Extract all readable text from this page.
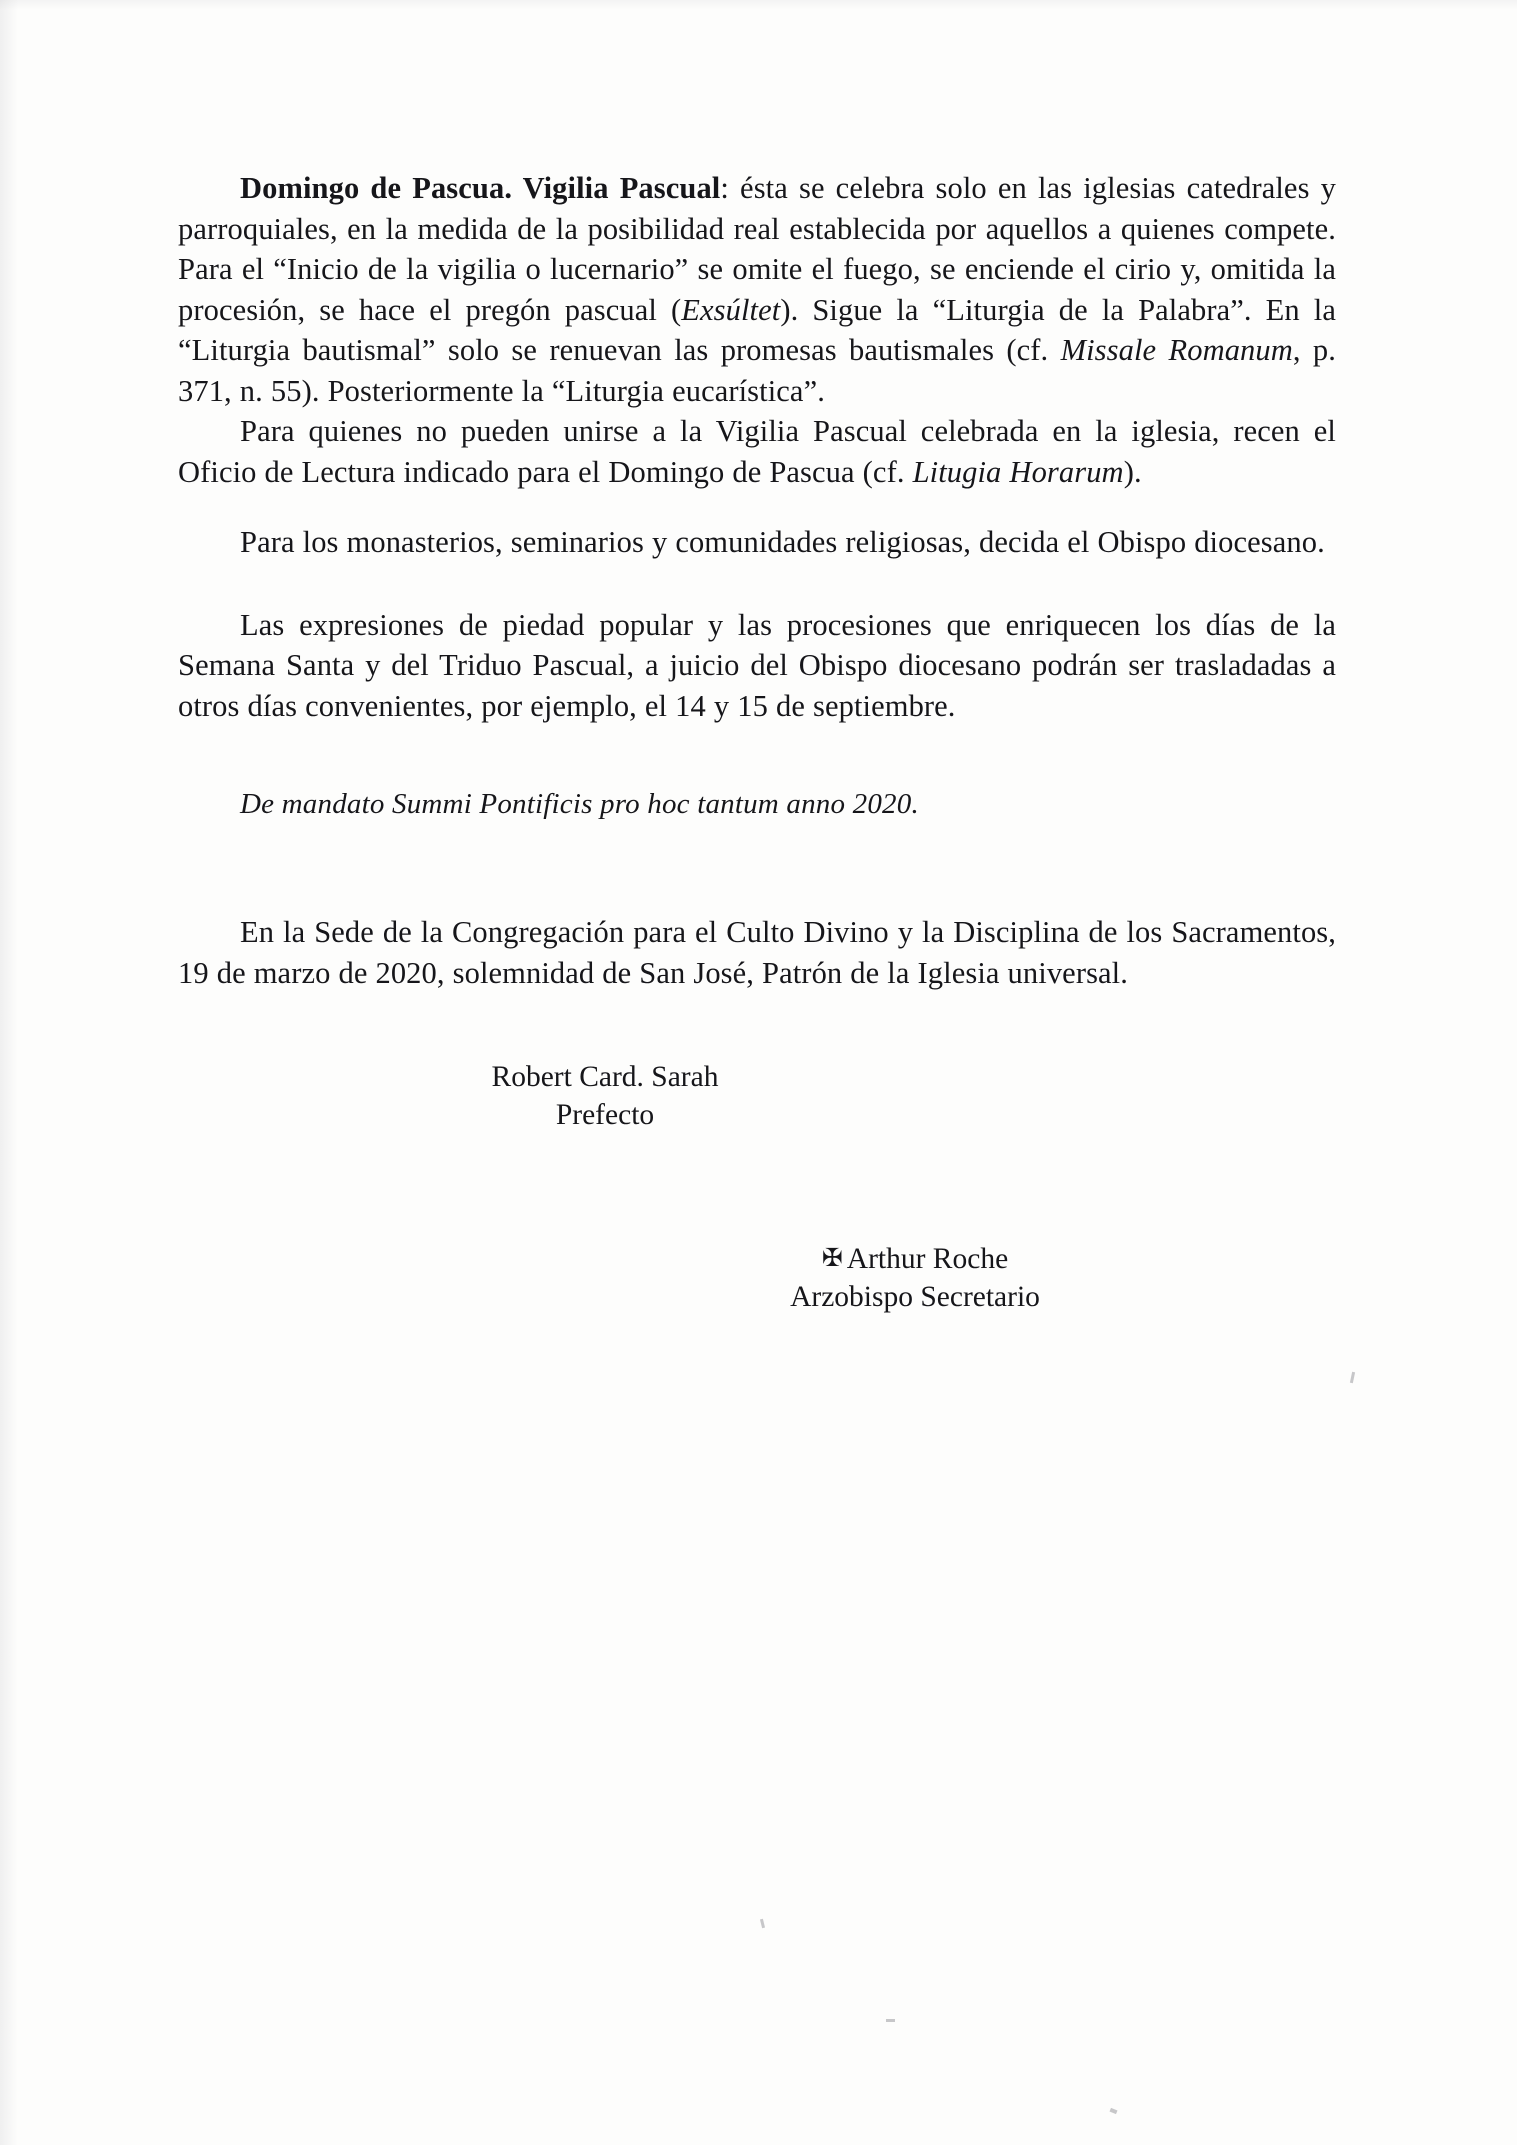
Domingo de Pascua. Vigilia Pascual: ésta se celebra solo en las iglesias catedrales y parroquiales, en la medida de la posibilidad real establecida por aquellos a quienes compete. Para el “Inicio de la vigilia o lucernario” se omite el fuego, se enciende el cirio y, omitida la procesión, se hace el pregón pascual (Exsúltet). Sigue la “Liturgia de la Palabra”. En la “Liturgia bautismal” solo se renuevan las promesas bautismales (cf. Missale Romanum, p. 371, n. 55). Posteriormente la “Liturgia eucarística”.

Para quienes no pueden unirse a la Vigilia Pascual celebrada en la iglesia, recen el Oficio de Lectura indicado para el Domingo de Pascua (cf. Litugia Horarum).

Para los monasterios, seminarios y comunidades religiosas, decida el Obispo diocesano.

Las expresiones de piedad popular y las procesiones que enriquecen los días de la Semana Santa y del Triduo Pascual, a juicio del Obispo diocesano podrán ser trasladadas a otros días convenientes, por ejemplo, el 14 y 15 de septiembre.

De mandato Summi Pontificis pro hoc tantum anno 2020.

En la Sede de la Congregación para el Culto Divino y la Disciplina de los Sacramentos, 19 de marzo de 2020, solemnidad de San José, Patrón de la Iglesia universal.

Robert Card. Sarah
Prefecto
✠ Arthur Roche
Arzobispo Secretario
